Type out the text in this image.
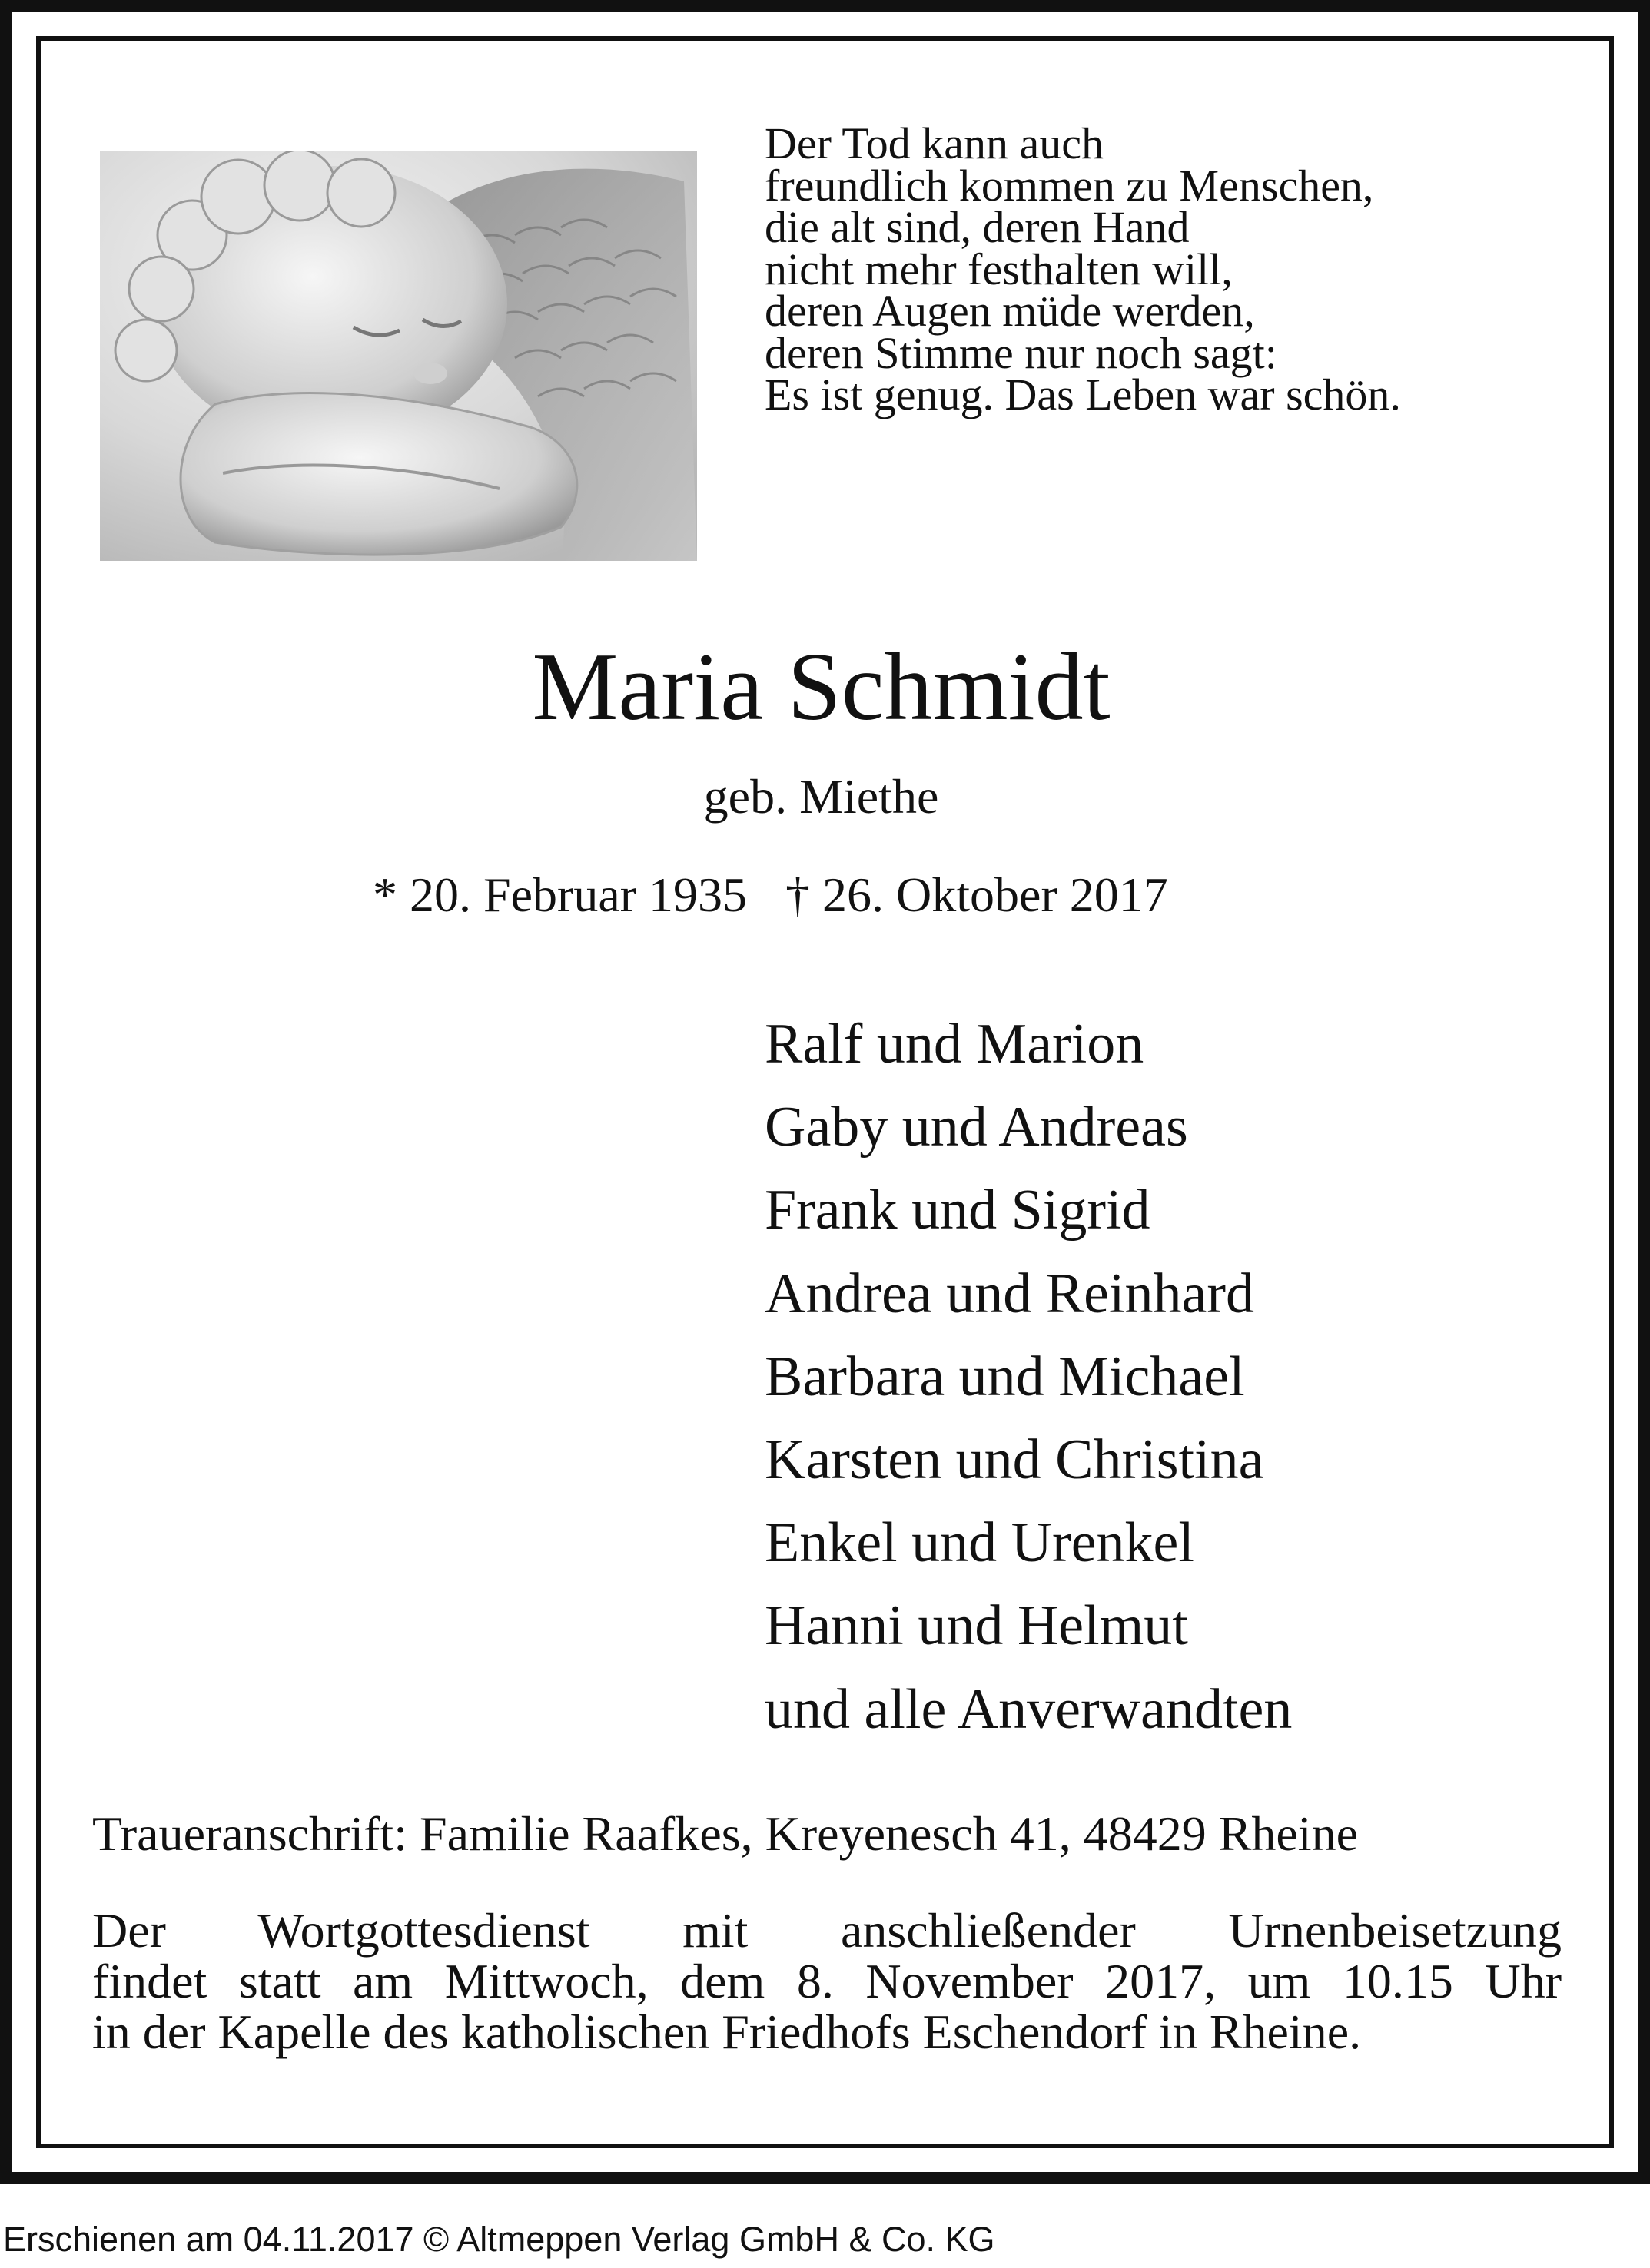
Der Tod kann auch
freundlich kommen zu Menschen,
die alt sind, deren Hand
nicht mehr festhalten will,
deren Augen müde werden,
deren Stimme nur noch sagt:
Es ist genug. Das Leben war schön.
Maria Schmidt
geb. Miethe
* 20. Februar 1935 † 26. Oktober 2017
Ralf und Marion
Gaby und Andreas
Frank und Sigrid
Andrea und Reinhard
Barbara und Michael
Karsten und Christina
Enkel und Urenkel
Hanni und Helmut
und alle Anverwandten
Traueranschrift: Familie Raafkes, Kreyenesch 41, 48429 Rheine
Der Wortgottesdienst mit anschließender Urnenbeisetzung
findet statt am Mittwoch, dem 8. November 2017, um 10.15 Uhr
in der Kapelle des katholischen Friedhofs Eschendorf in Rheine.
Erschienen am 04.11.2017 © Altmeppen Verlag GmbH & Co. KG
